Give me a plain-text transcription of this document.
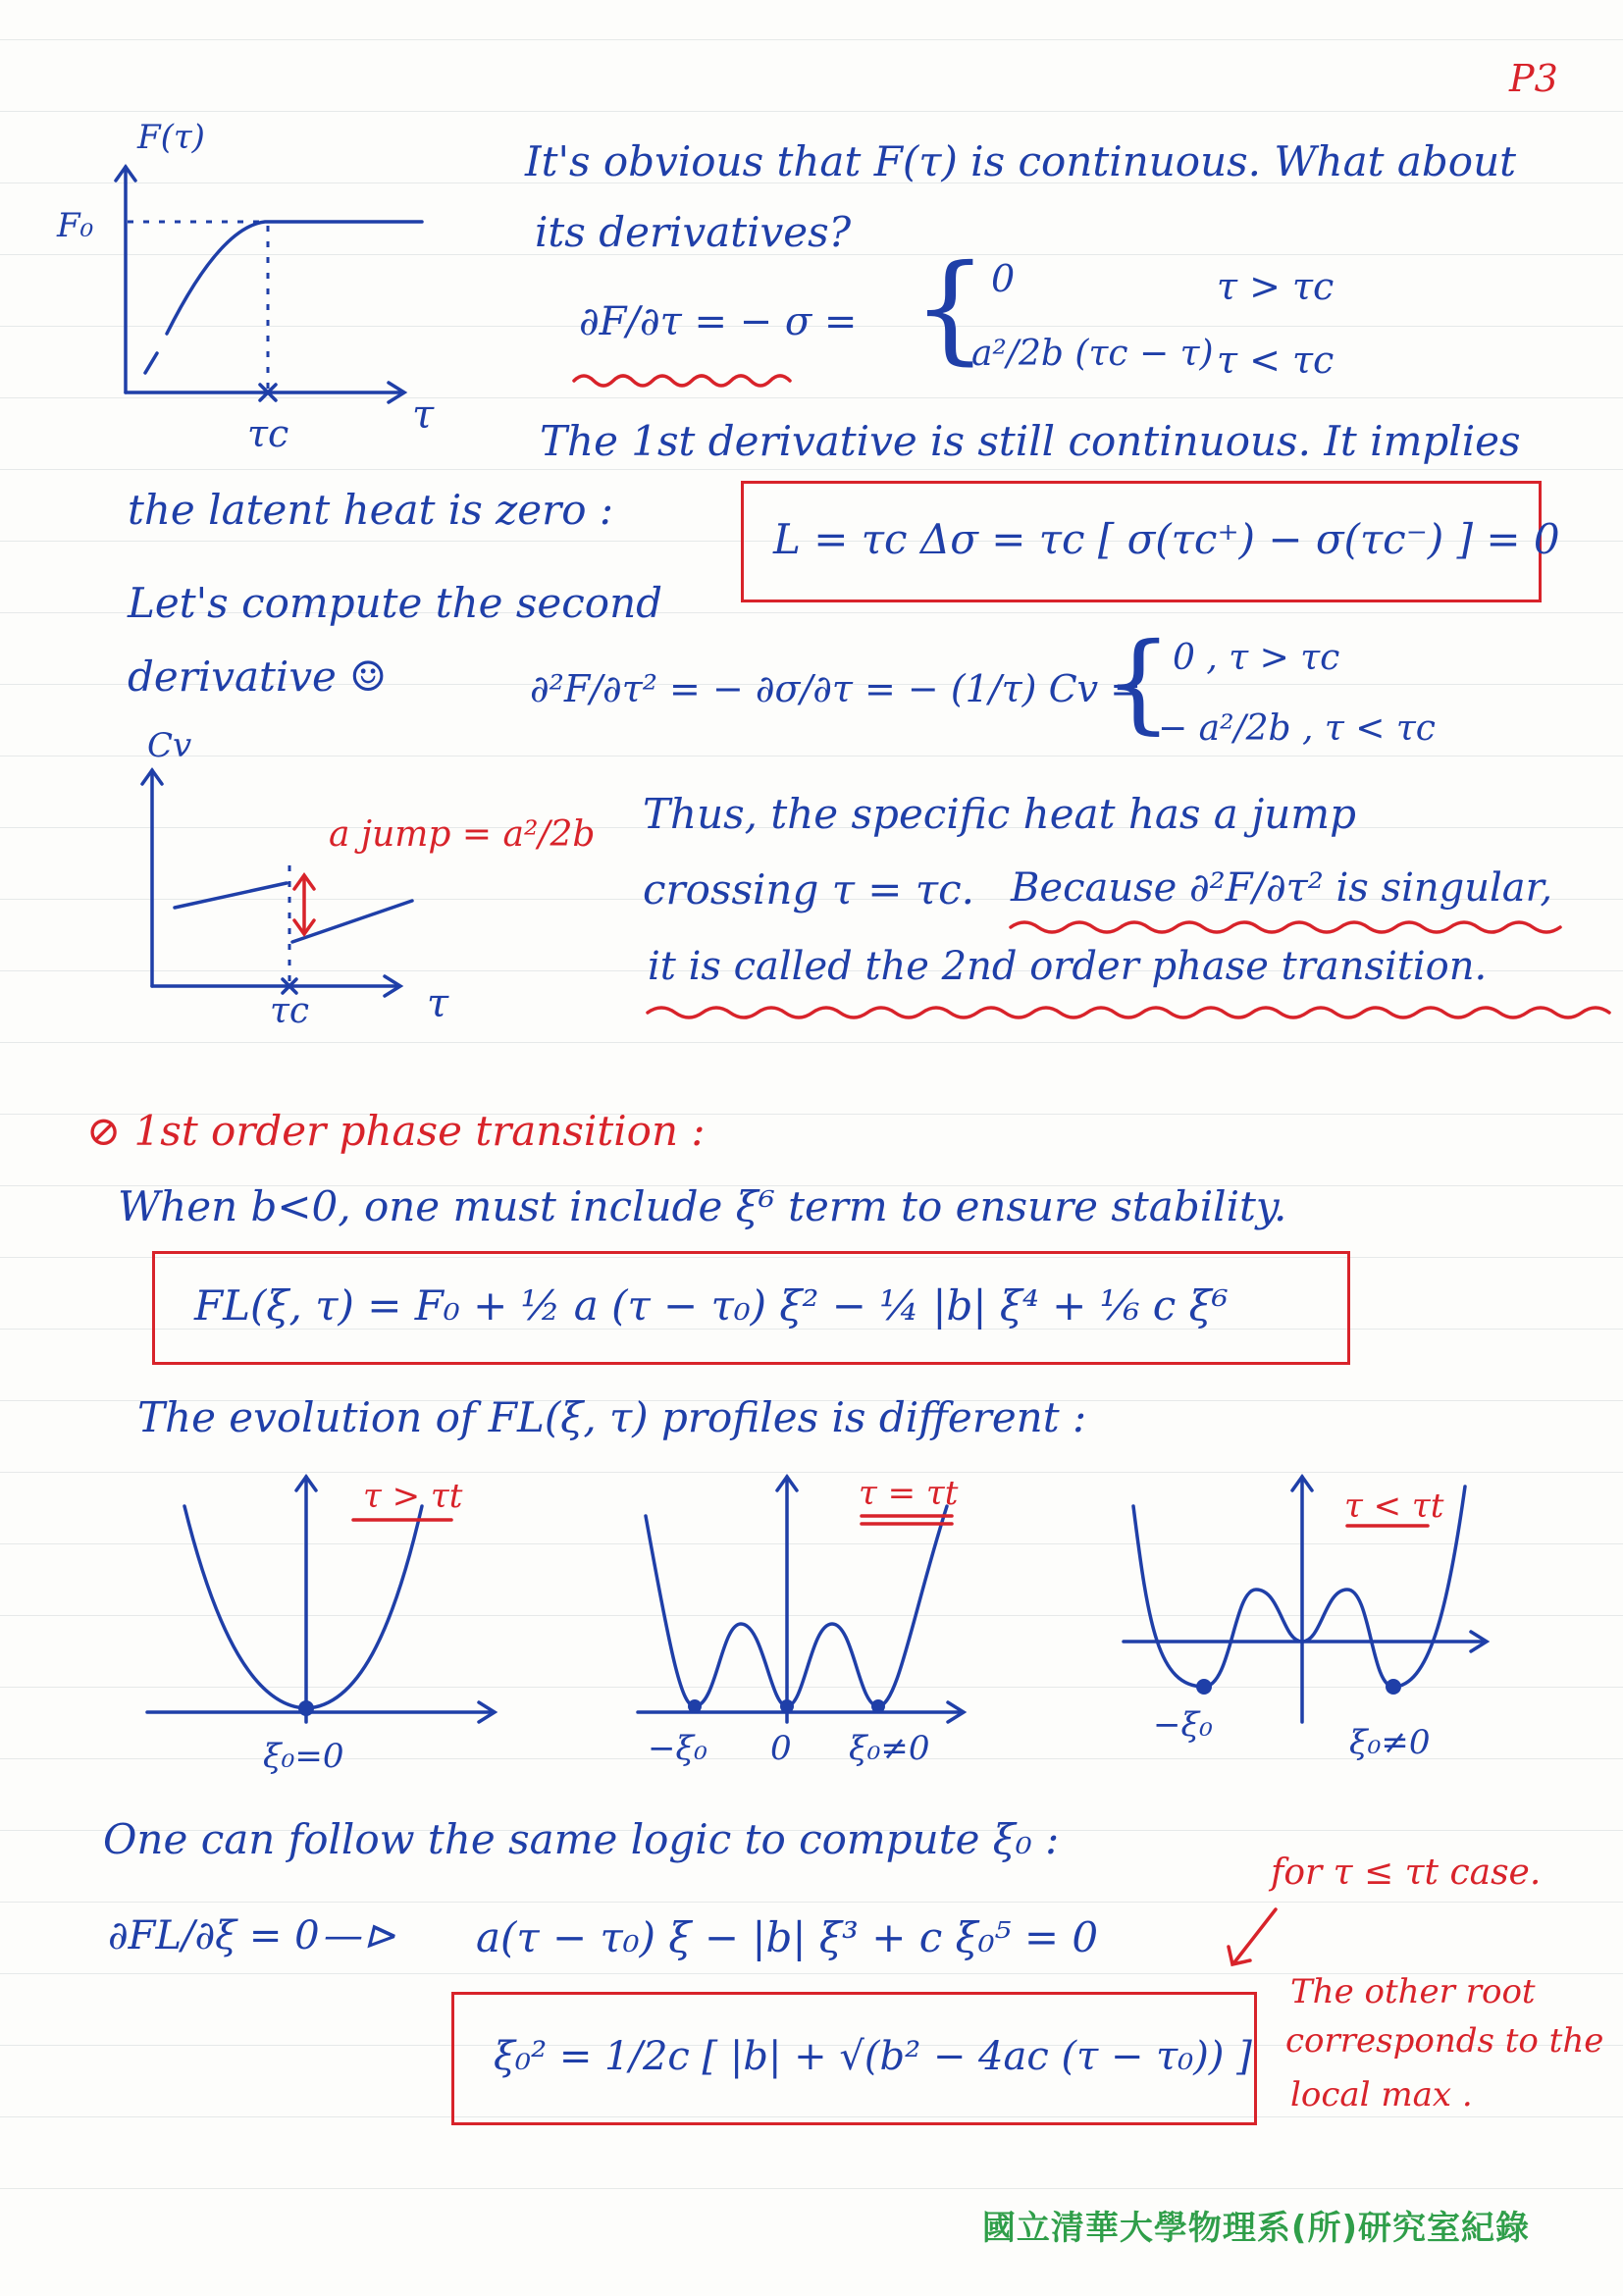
P3
F(τ)
F₀
τc	τ
It's obvious that F(τ) is continuous. What about
its derivatives?
∂F/∂τ = − σ = { 0	τ > τc
a²/2b (τc − τ) τ < τc
The 1st derivative is still continuous. It implies
the latent heat is zero :
L = τc Δσ = τc [ σ(τc⁺) − σ(τc⁻) ] = 0
Let's compute the second
derivative ☺	∂²F/∂τ² = − ∂σ/∂τ = − (1/τ) Cv =
{ 0 , τ > τc
− a²/2b , τ < τc
Cv
a jump = a²/2b
τc	τ
Thus, the specific heat has a jump
crossing τ = τc. Because ∂²F/∂τ² is singular,
it is called the 2nd order phase transition.
⊘ 1st order phase transition :
When b<0, one must include ξ⁶ term to ensure stability.
FL(ξ, τ) = F₀ + ½ a (τ − τ₀) ξ² − ¼ |b| ξ⁴ + ⅙ c ξ⁶
The evolution of FL(ξ, τ) profiles is different :
τ > τt
ξ₀=0
τ = τt
−ξ₀ 0 ξ₀≠0
τ < τt
−ξ₀	ξ₀≠0
One can follow the same logic to compute ξ₀ :
for τ ≤ τt case.
∂FL/∂ξ = 0 —⊳ a(τ − τ₀) ξ − |b| ξ³ + c ξ₀⁵ = 0
ξ₀² = 1/2c [ |b| + √(b² − 4ac (τ − τ₀)) ]
The other root
corresponds to the
local max .
國立清華大學物理系(所)研究室紀錄
